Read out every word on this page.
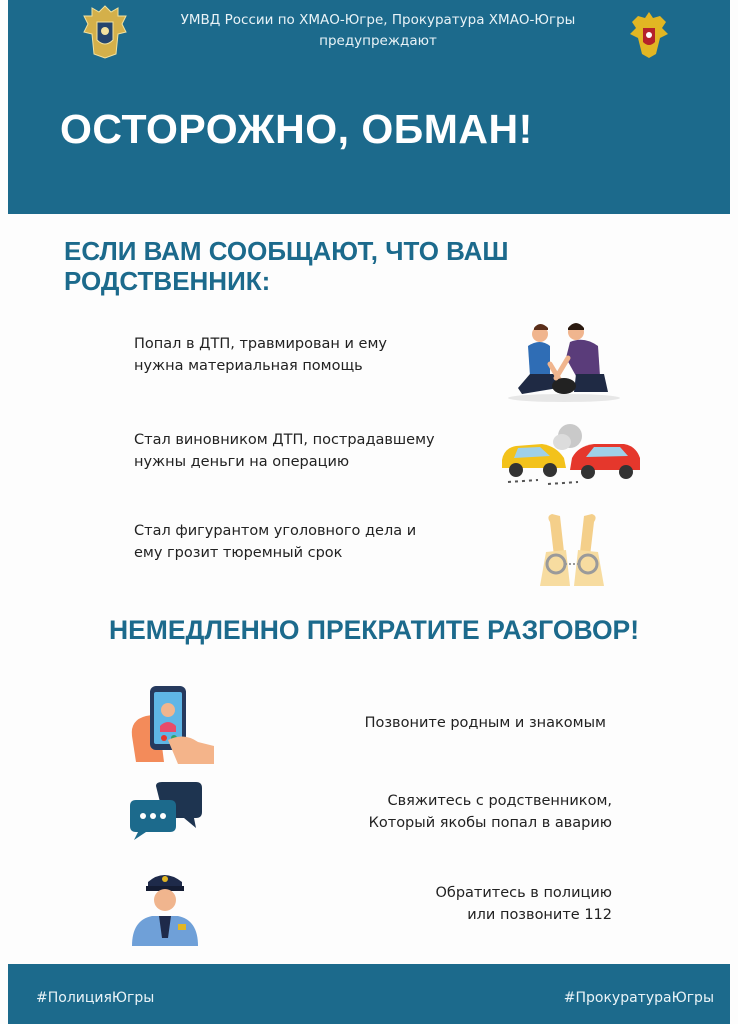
УМВД России по ХМАО-Югре, Прокуратура ХМАО-Югры
предупреждают
ОСТОРОЖНО, ОБМАН!
ЕСЛИ ВАМ СООБЩАЮТ, ЧТО ВАШ
РОДСТВЕННИК:
Попал в ДТП, травмирован и ему
нужна материальная помощь
Стал виновником ДТП, пострадавшему
нужны деньги на операцию
Стал фигурантом уголовного дела и
ему грозит тюремный срок
НЕМЕДЛЕННО ПРЕКРАТИТЕ РАЗГОВОР!
Позвоните родным и знакомым
Свяжитесь с родственником,
Который якобы попал в аварию
Обратитесь в полицию
или позвоните 112
#ПолицияЮгры	#ПрокуратураЮгры
